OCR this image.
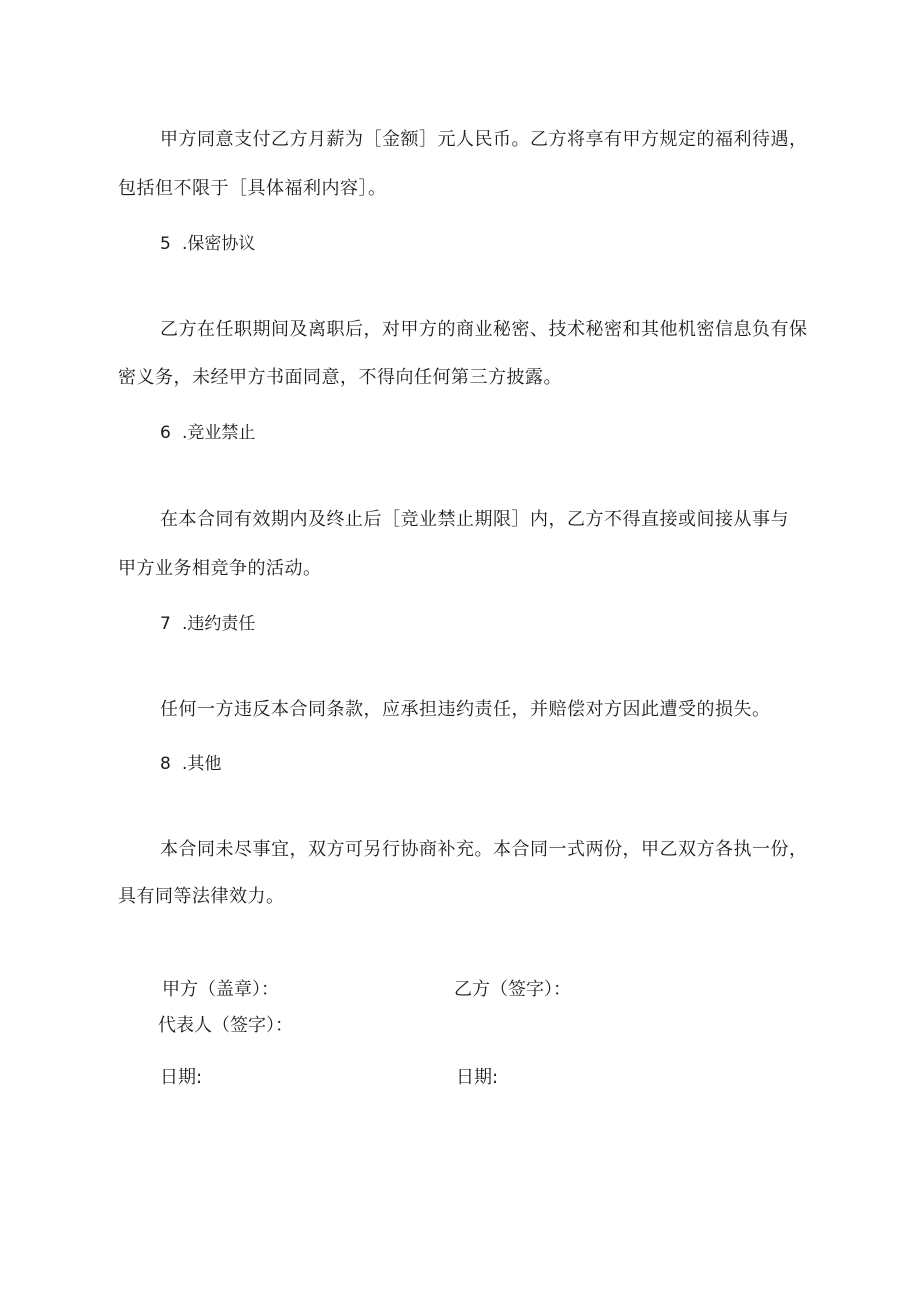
甲方同意支付乙方月薪为［金额］元人民币。乙方将享有甲方规定的福利待遇，
包括但不限于［具体福利内容］。
5 .保密协议
乙方在任职期间及离职后，对甲方的商业秘密、技术秘密和其他机密信息负有保
密义务，未经甲方书面同意，不得向任何第三方披露。
6 .竞业禁止
在本合同有效期内及终止后［竞业禁止期限］内，乙方不得直接或间接从事与
甲方业务相竞争的活动。
7 .违约责任
任何一方违反本合同条款，应承担违约责任，并赔偿对方因此遭受的损失。
8 .其他
本合同未尽事宜，双方可另行协商补充。本合同一式两份，甲乙双方各执一份，
具有同等法律效力。
甲方（盖章）：	乙方（签字）：
代表人（签字）：
日期:	日期:
